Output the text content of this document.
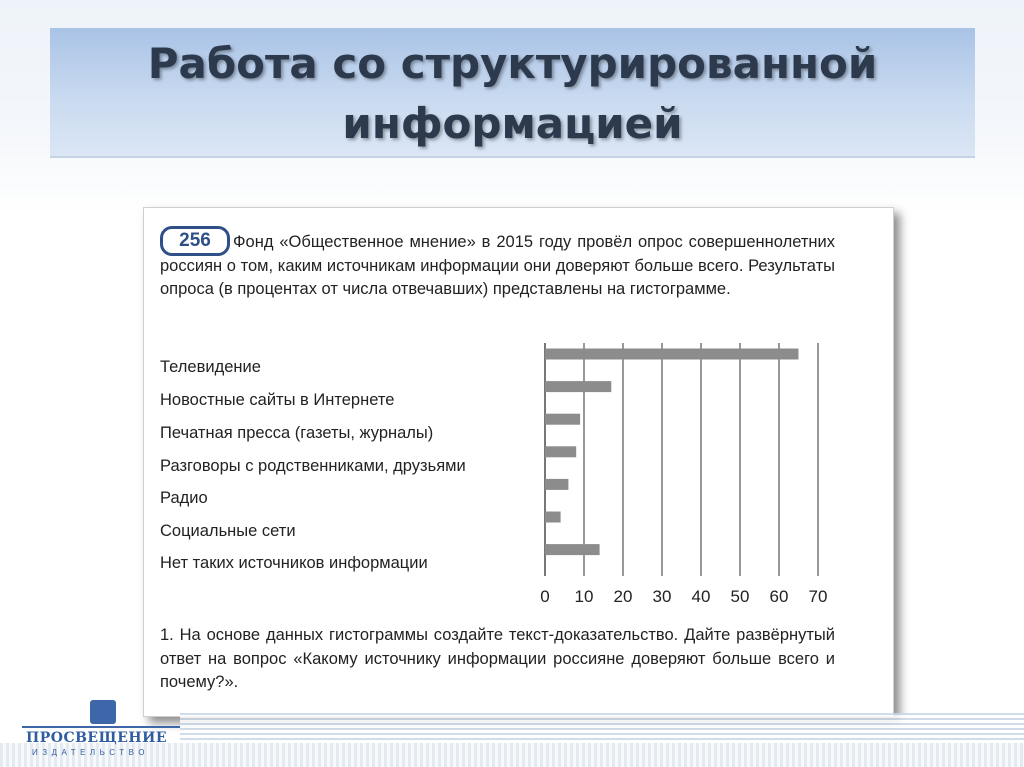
Работа со структурированной информацией
256	Фонд «Общественное мнение» в 2015 году провёл опрос совершеннолетних россиян о том, каким источникам информации они доверяют больше всего. Результаты опроса (в процентах от числа отвечавших) представлены на гистограмме.

Телевидение
Новостные сайты в Интернете
Печатная пресса (газеты, журналы)
Разговоры с родственниками, друзьями
Радио
Социальные сети
Нет таких источников информации
0 10 20 30 40 50 60 70

1. На основе данных гистограммы создайте текст-доказательство. Дайте развёрнутый ответ на вопрос «Какому источнику информации россияне доверяют больше всего и почему?».

ПРОСВЕЩЕНИЕ
ИЗДАТЕЛЬСТВО
